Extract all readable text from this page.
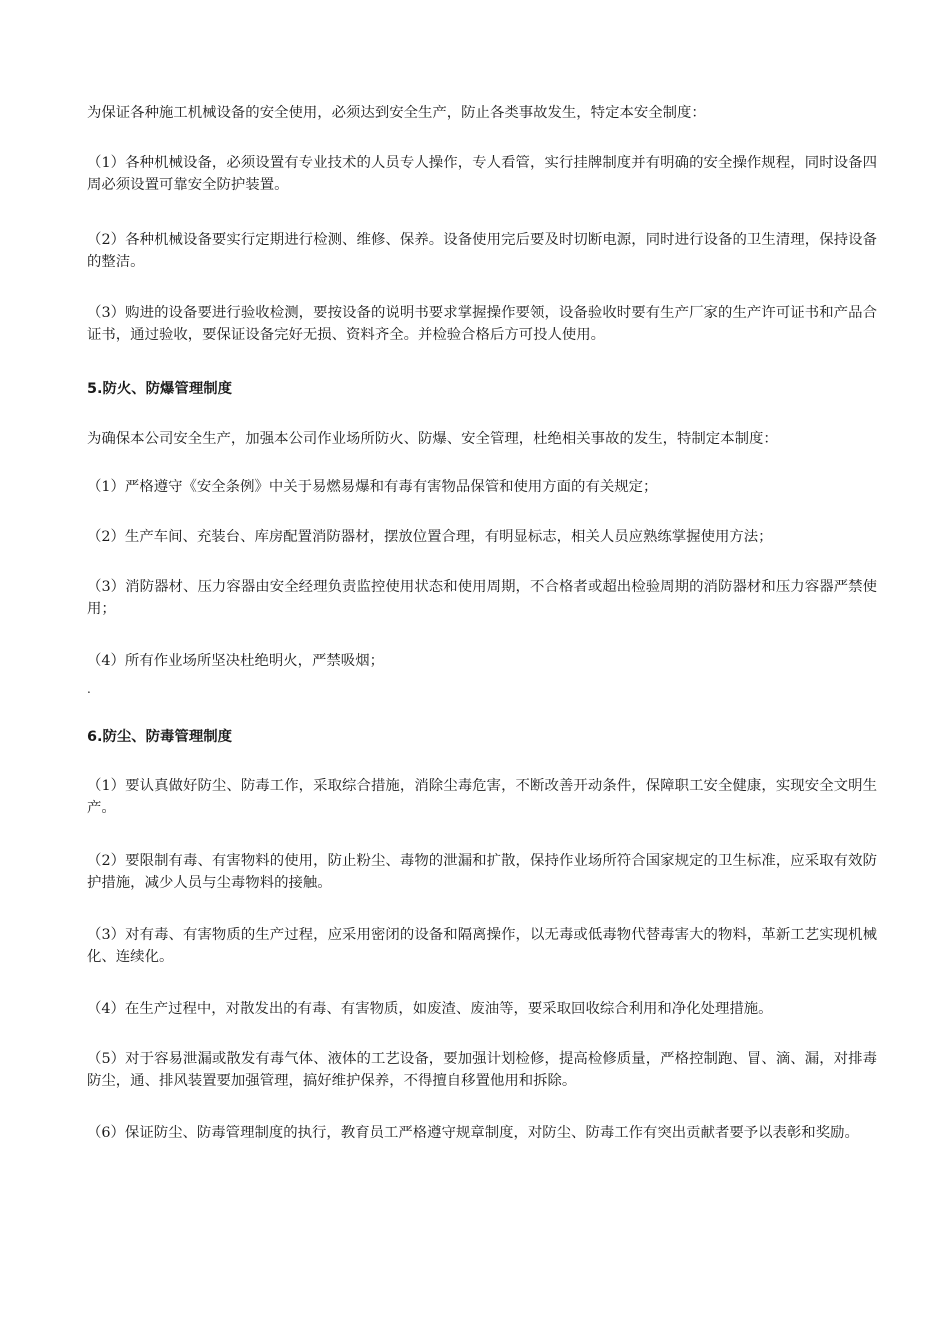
为保证各种施工机械设备的安全使用，必须达到安全生产，防止各类事故发生，特定本安全制度：

（1）各种机械设备，必须设置有专业技术的人员专人操作，专人看管，实行挂牌制度并有明确的安全操作规程，同时设备四周必须设置可靠安全防护装置。

（2）各种机械设备要实行定期进行检测、维修、保养。设备使用完后要及时切断电源，同时进行设备的卫生清理，保持设备的整洁。

（3）购进的设备要进行验收检测，要按设备的说明书要求掌握操作要领，设备验收时要有生产厂家的生产许可证书和产品合证书，通过验收，要保证设备完好无损、资料齐全。并检验合格后方可投人使用。

5.防火、防爆管理制度

为确保本公司安全生产，加强本公司作业场所防火、防爆、安全管理，杜绝相关事故的发生，特制定本制度：

（1）严格遵守《安全条例》中关于易燃易爆和有毒有害物品保管和使用方面的有关规定；

（2）生产车间、充装台、库房配置消防器材，摆放位置合理，有明显标志，相关人员应熟练掌握使用方法；

（3）消防器材、压力容器由安全经理负责监控使用状态和使用周期，不合格者或超出检验周期的消防器材和压力容器严禁使用；

（4）所有作业场所坚决杜绝明火，严禁吸烟；

.
6.防尘、防毒管理制度

（1）要认真做好防尘、防毒工作，采取综合措施，消除尘毒危害，不断改善开动条件，保障职工安全健康，实现安全文明生产。

（2）要限制有毒、有害物料的使用，防止粉尘、毒物的泄漏和扩散，保持作业场所符合国家规定的卫生标准，应采取有效防护措施，减少人员与尘毒物料的接触。

（3）对有毒、有害物质的生产过程，应采用密闭的设备和隔离操作，以无毒或低毒物代替毒害大的物料，革新工艺实现机械化、连续化。

（4）在生产过程中，对散发出的有毒、有害物质，如废渣、废油等，要采取回收综合利用和净化处理措施。

（5）对于容易泄漏或散发有毒气体、液体的工艺设备，要加强计划检修，提高检修质量，严格控制跑、冒、滴、漏，对排毒防尘，通、排风装置要加强管理，搞好维护保养，不得擅自移置他用和拆除。

（6）保证防尘、防毒管理制度的执行，教育员工严格遵守规章制度，对防尘、防毒工作有突出贡献者要予以表彰和奖励。
